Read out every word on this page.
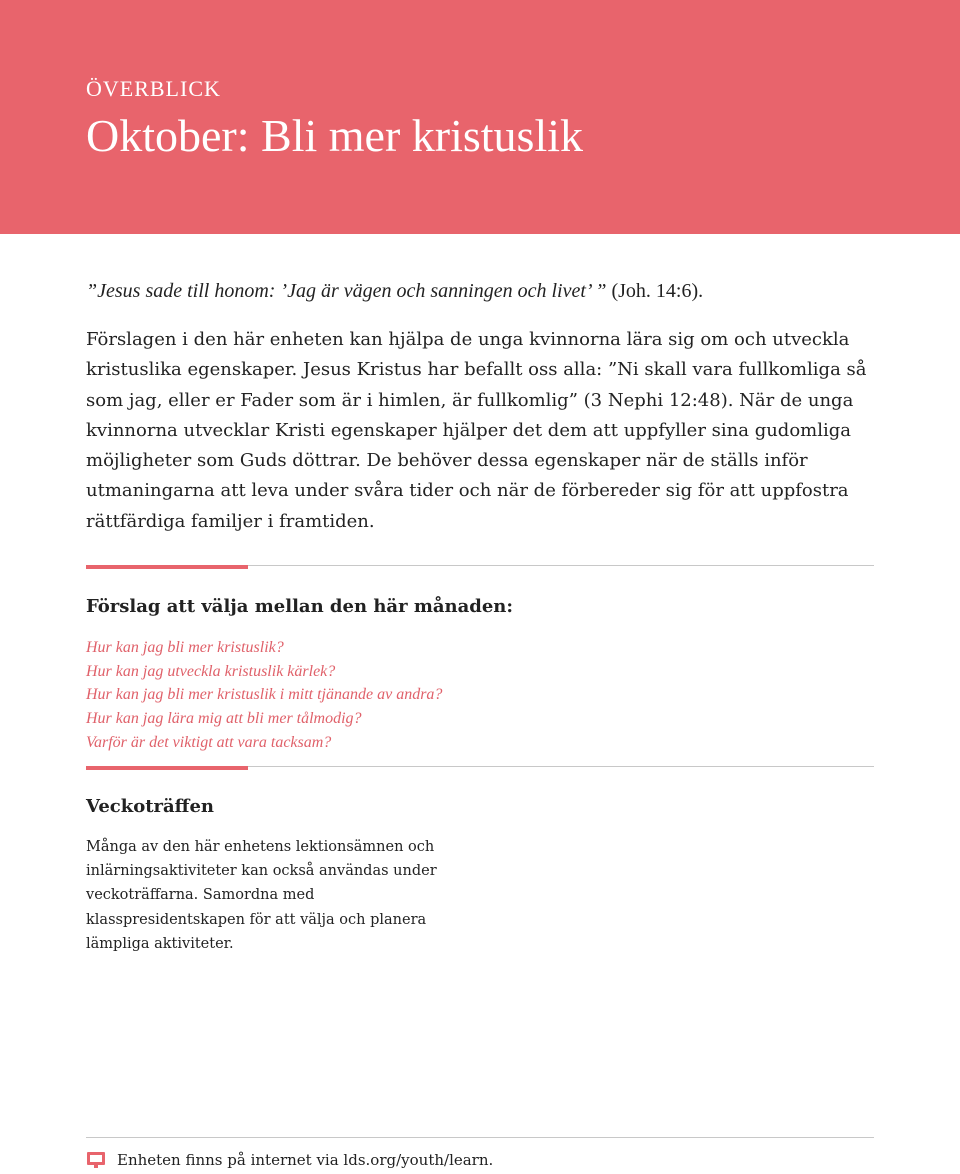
ÖVERBLICK
Oktober: Bli mer kristuslik
”Jesus sade till honom: ’Jag är vägen och sanningen och livet’ ” (Joh. 14:6).

Förslagen i den här enheten kan hjälpa de unga kvinnorna lära sig om och utveckla kristuslika egenskaper. Jesus Kristus har befallt oss alla: ”Ni skall vara fullkomliga så som jag, eller er Fader som är i himlen, är fullkomlig” (3 Nephi 12:48). När de unga kvinnorna utvecklar Kristi egenskaper hjälper det dem att uppfyller sina gudomliga möjligheter som Guds döttrar. De behöver dessa egenskaper när de ställs inför utmaningarna att leva under svåra tider och när de förbereder sig för att uppfostra rättfärdiga familjer i framtiden.

Förslag att välja mellan den här månaden:
Hur kan jag bli mer kristuslik?
Hur kan jag utveckla kristuslik kärlek?
Hur kan jag bli mer kristuslik i mitt tjänande av andra?
Hur kan jag lära mig att bli mer tålmodig?
Varför är det viktigt att vara tacksam?
Veckoträffen

Många av den här enhetens lektionsämnen och inlärningsaktiviteter kan också användas under veckoträffarna. Samordna med klasspresidentskapen för att välja och planera lämpliga aktiviteter.

Enheten finns på internet via lds.org/youth/learn.
